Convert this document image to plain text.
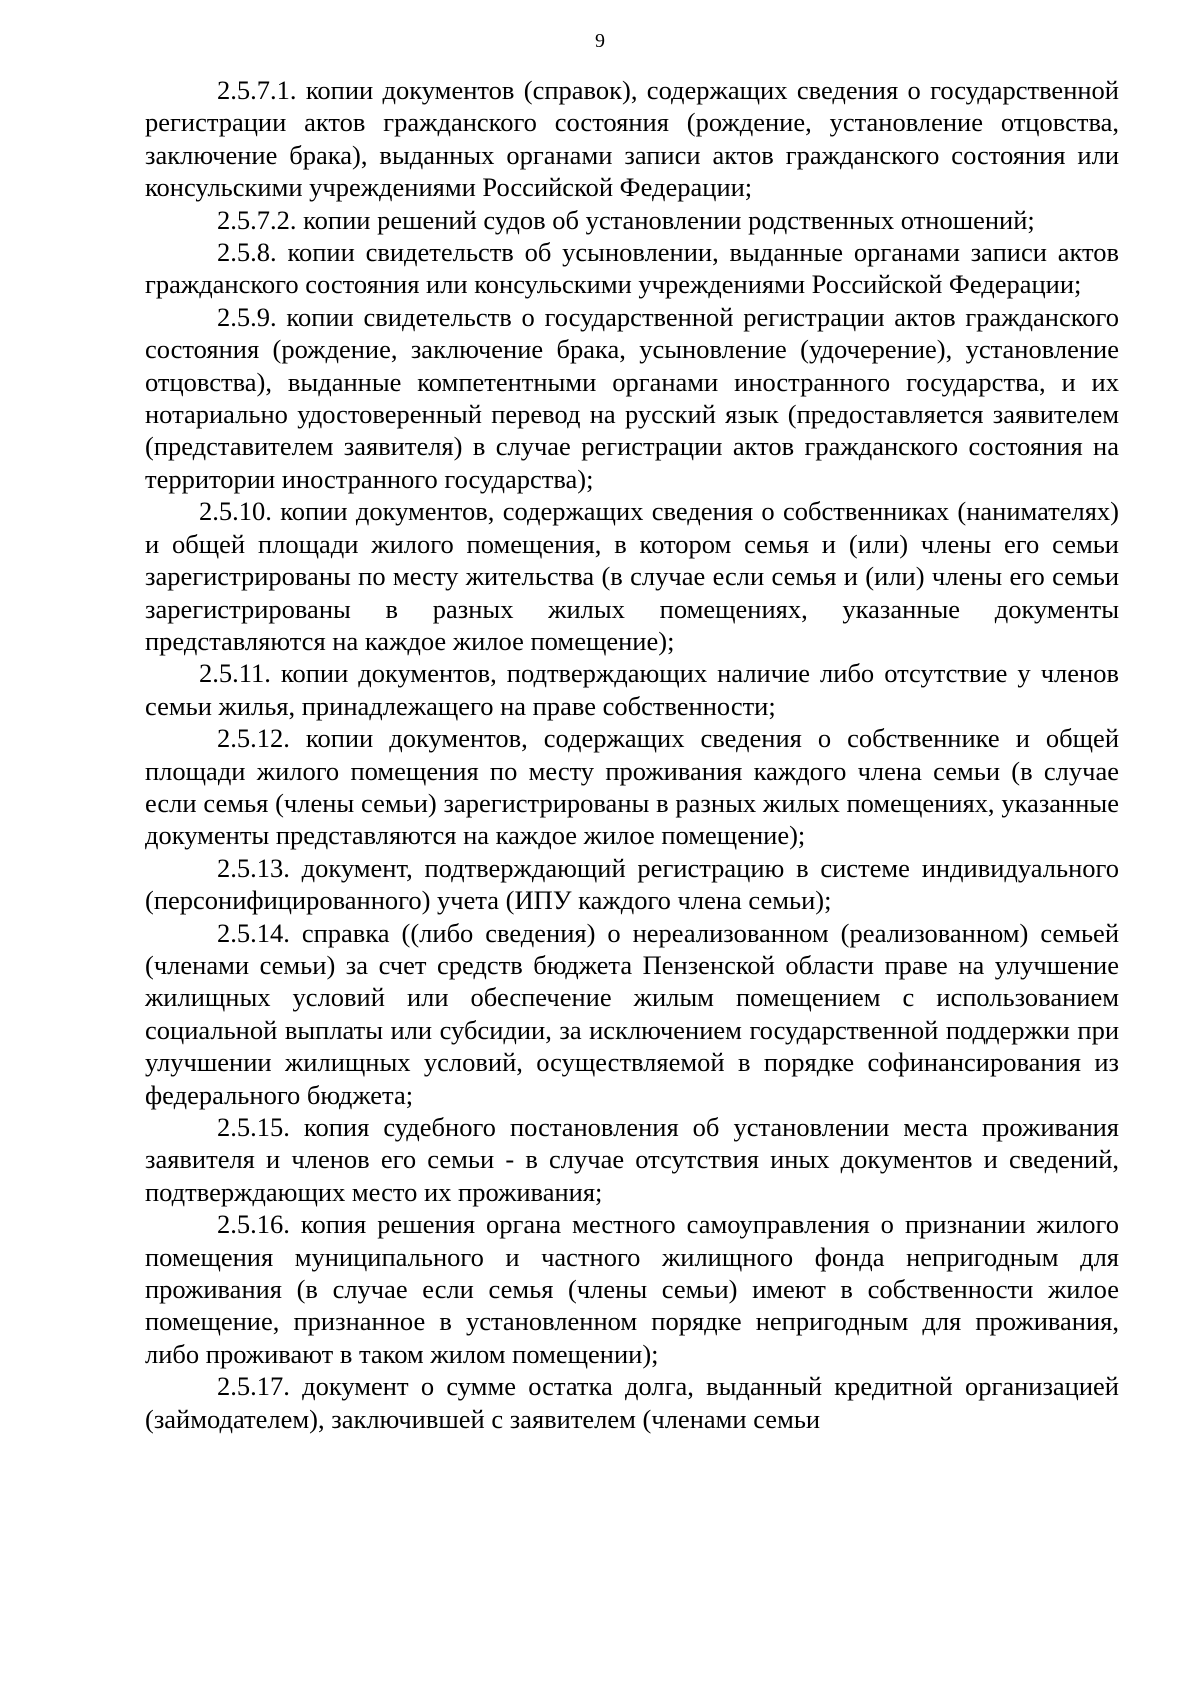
9

2.5.7.1. копии документов (справок), содержащих сведения о государственной регистрации актов гражданского состояния (рождение, установление отцовства, заключение брака), выданных органами записи актов гражданского состояния или консульскими учреждениями Российской Федерации;

2.5.7.2. копии решений судов об установлении родственных отношений;

2.5.8. копии свидетельств об усыновлении, выданные органами записи актов гражданского состояния или консульскими учреждениями Российской Федерации;

2.5.9. копии свидетельств о государственной регистрации актов гражданского состояния (рождение, заключение брака, усыновление (удочерение), установление отцовства), выданные компетентными органами иностранного государства, и их нотариально удостоверенный перевод на русский язык (предоставляется заявителем (представителем заявителя) в случае регистрации актов гражданского состояния на территории иностранного государства);

2.5.10. копии документов, содержащих сведения о собственниках (нанимателях) и общей площади жилого помещения, в котором семья и (или) члены его семьи зарегистрированы по месту жительства (в случае если семья и (или) члены его семьи зарегистрированы в разных жилых помещениях, указанные документы представляются на каждое жилое помещение);

2.5.11. копии документов, подтверждающих наличие либо отсутствие у членов семьи жилья, принадлежащего на праве собственности;

2.5.12. копии документов, содержащих сведения о собственнике и общей площади жилого помещения по месту проживания каждого члена семьи (в случае если семья (члены семьи) зарегистрированы в разных жилых помещениях, указанные документы представляются на каждое жилое помещение);

2.5.13. документ, подтверждающий регистрацию в системе индивидуального (персонифицированного) учета (ИПУ каждого члена семьи);

2.5.14. справка ((либо сведения) о нереализованном (реализованном) семьей (членами семьи) за счет средств бюджета Пензенской области праве на улучшение жилищных условий или обеспечение жилым помещением с использованием социальной выплаты или субсидии, за исключением государственной поддержки при улучшении жилищных условий, осуществляемой в порядке софинансирования из федерального бюджета;

2.5.15. копия судебного постановления об установлении места проживания заявителя и членов его семьи - в случае отсутствия иных документов и сведений, подтверждающих место их проживания;

2.5.16. копия решения органа местного самоуправления о признании жилого помещения муниципального и частного жилищного фонда непригодным для проживания (в случае если семья (члены семьи) имеют в собственности жилое помещение, признанное в установленном порядке непригодным для проживания, либо проживают в таком жилом помещении);

2.5.17. документ о сумме остатка долга, выданный кредитной организацией (займодателем), заключившей с заявителем (членами семьи
